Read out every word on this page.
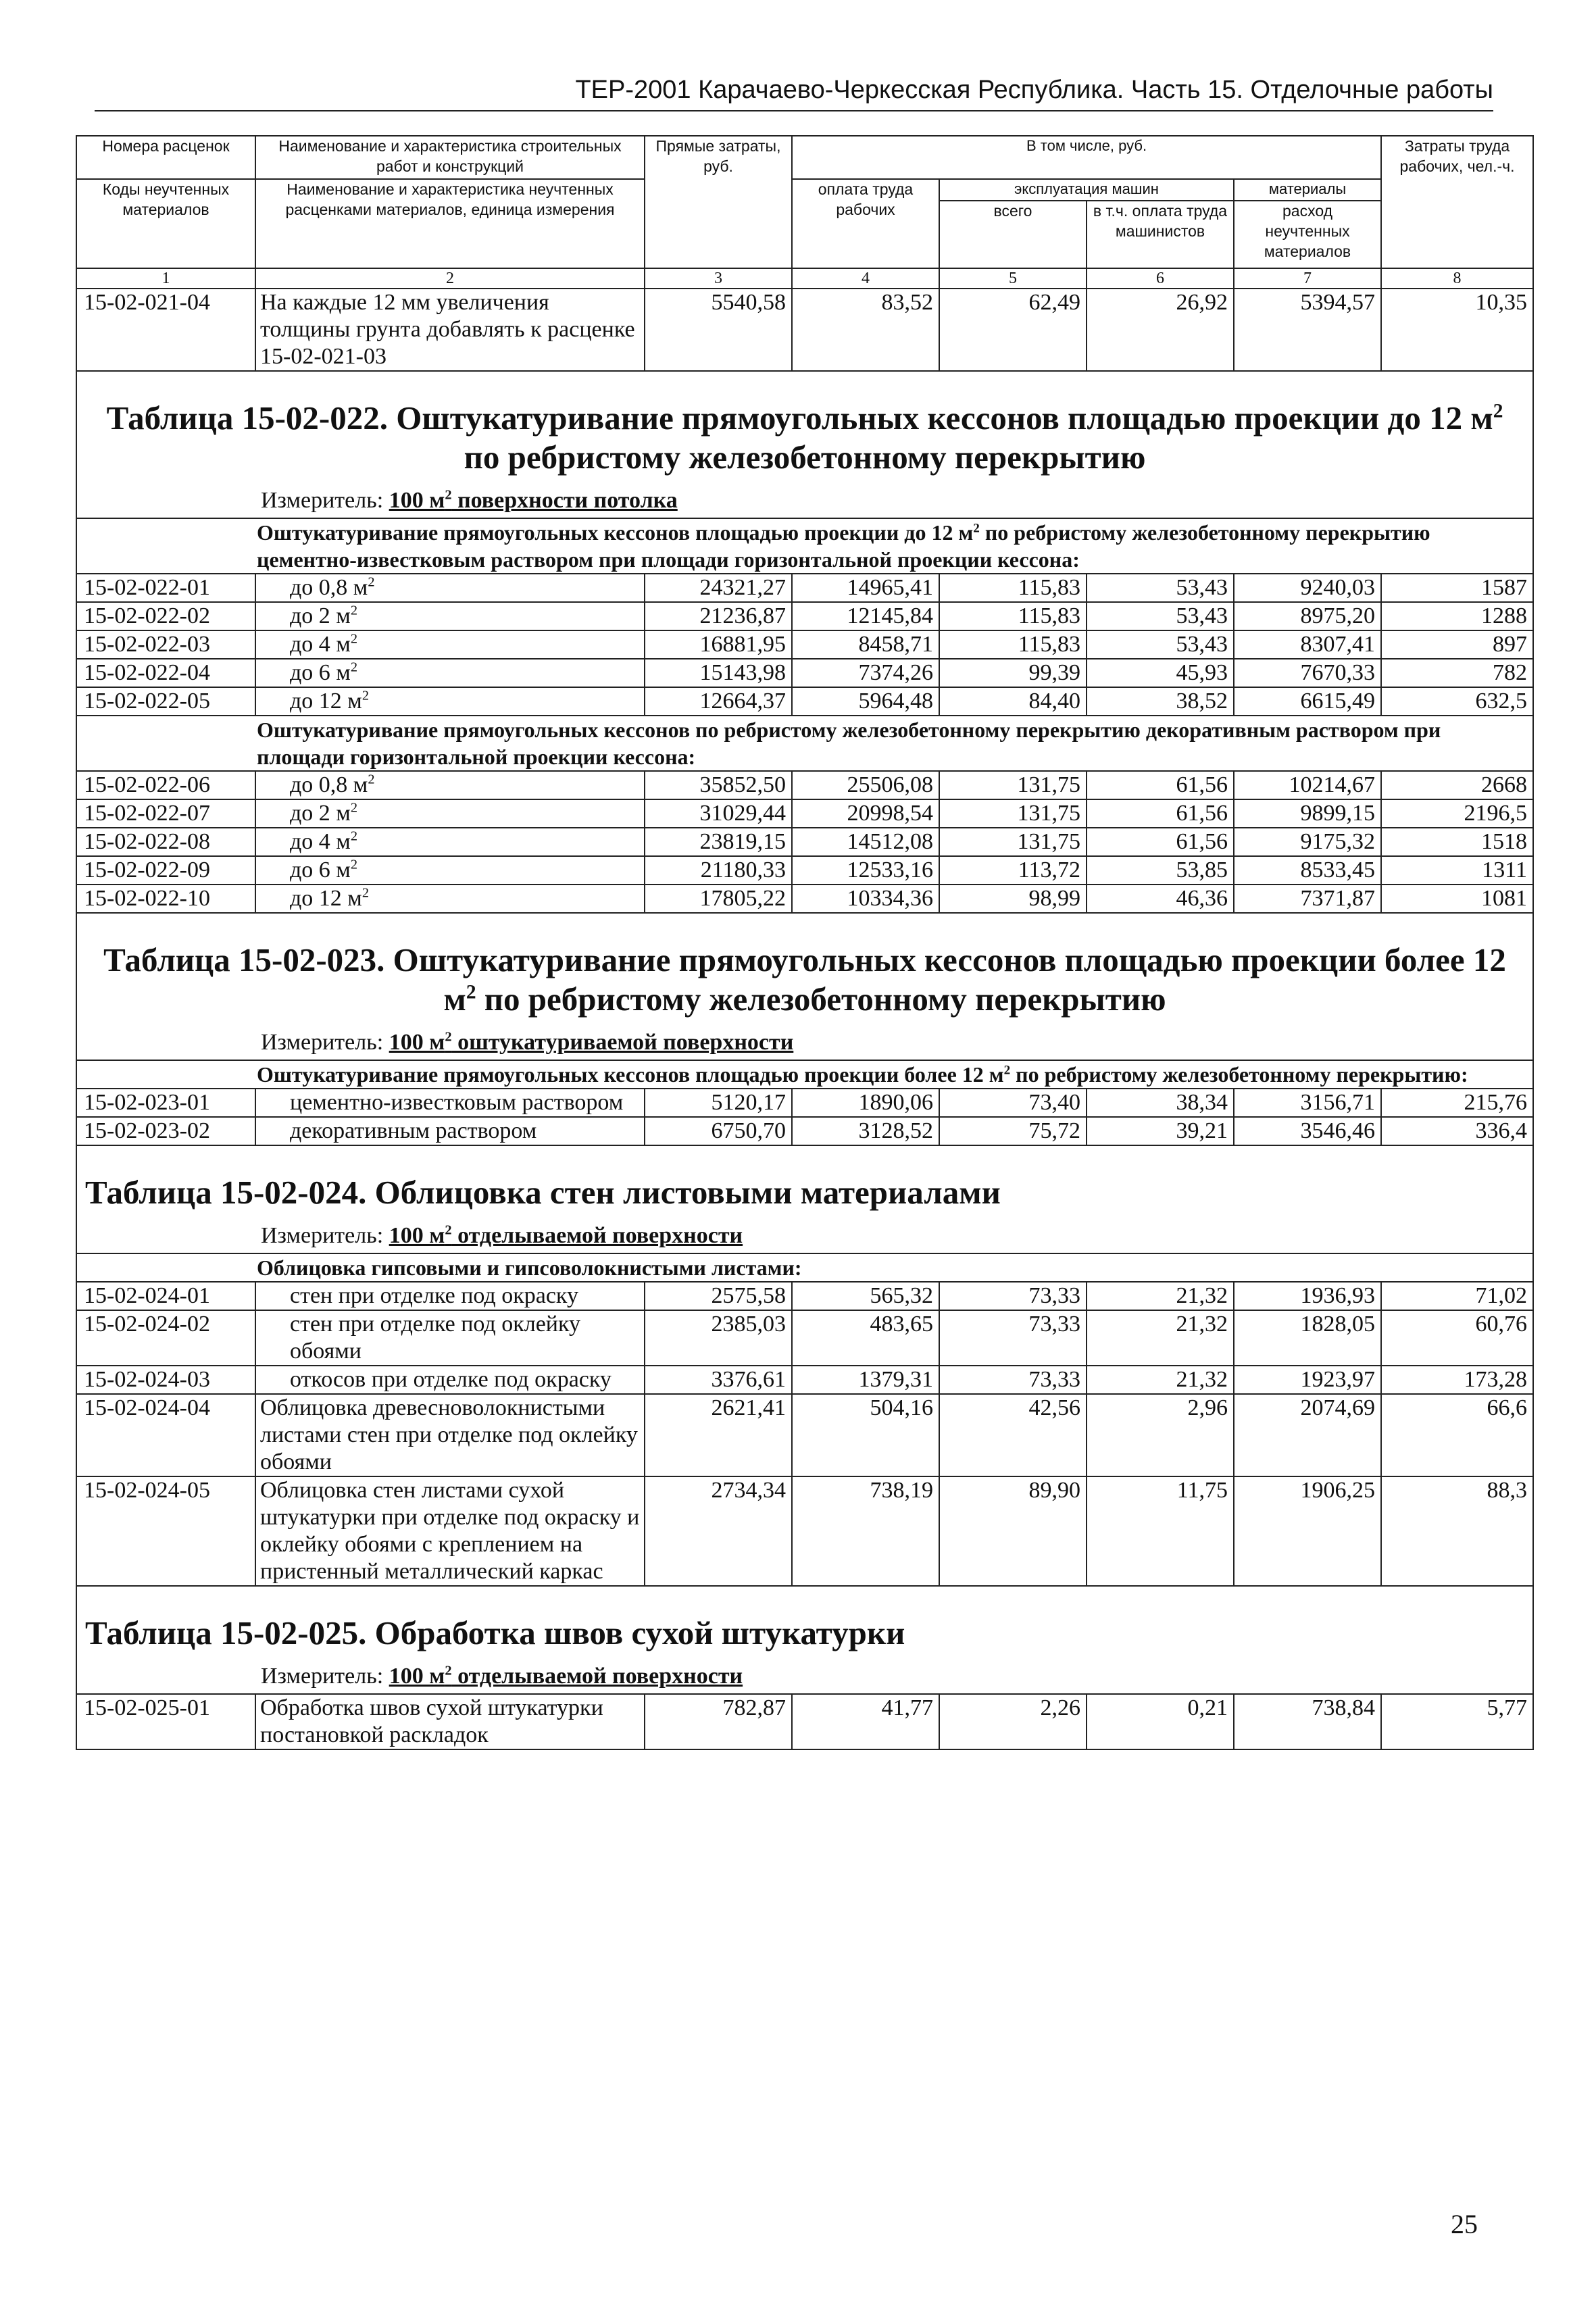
ТЕР-2001 Карачаево-Черкесская Республика. Часть 15. Отделочные работы
Номера расценок	Наименование и характеристика строительных работ и конструкций	Прямые затраты, руб.	В том числе, руб.				Затраты труда рабочих, чел.-ч.
Коды неучтенных материалов	Наименование и характеристика неучтенных расценками материалов, единица измерения		оплата труда рабочих	эксплуатация машин		материалы	
				всего	в т.ч. оплата труда машинистов	расход неучтенных материалов	
1	2	3	4	5	6	7	8
15-02-021-04	На каждые 12 мм увеличения толщины грунта добавлять к расценке 15-02-021-03	5540,58	83,52	62,49	26,92	5394,57	10,35

Таблица 15-02-022. Оштукатуривание прямоугольных кессонов площадью проекции до 12 $м^2$ по ребристому железобетонному перекрытию
Измеритель: 100 $м^2$ поверхности потолка							

Оштукатуривание прямоугольных кессонов площадью проекции до 12 $м^2$ по ребристому железобетонному перекрытию цементно-известковым раствором при площади горизонтальной проекции кессона:							
15-02-022-01	до 0,8 $м^2$	24321,27	14965,41	115,83	53,43	9240,03	1587
15-02-022-02	до 2 $м^2$	21236,87	12145,84	115,83	53,43	8975,20	1288
15-02-022-03	до 4 $м^2$	16881,95	8458,71	115,83	53,43	8307,41	897
15-02-022-04	до 6 $м^2$	15143,98	7374,26	99,39	45,93	7670,33	782
15-02-022-05	до 12 $м^2$	12664,37	5964,48	84,40	38,52	6615,49	632,5
Оштукатуривание прямоугольных кессонов по ребристому железобетонному перекрытию декоративным раствором при площади горизонтальной проекции кессона:							
15-02-022-06	до 0,8 $м^2$	35852,50	25506,08	131,75	61,56	10214,67	2668
15-02-022-07	до 2 $м^2$	31029,44	20998,54	131,75	61,56	9899,15	2196,5
15-02-022-08	до 4 $м^2$	23819,15	14512,08	131,75	61,56	9175,32	1518
15-02-022-09	до 6 $м^2$	21180,33	12533,16	113,72	53,85	8533,45	1311
15-02-022-10	до 12 $м^2$	17805,22	10334,36	98,99	46,36	7371,87	1081

Таблица 15-02-023. Оштукатуривание прямоугольных кессонов площадью проекции более 12 $м^2$ по ребристому железобетонному перекрытию
Измеритель: 100 $м^2$ оштукатуриваемой поверхности							

Оштукатуривание прямоугольных кессонов площадью проекции более 12 $м^2$ по ребристому железобетонному перекрытию:							
15-02-023-01	цементно-известковым раствором	5120,17	1890,06	73,40	38,34	3156,71	215,76
15-02-023-02	декоративным раствором	6750,70	3128,52	75,72	39,21	3546,46	336,4

Таблица 15-02-024. Облицовка стен листовыми материалами
Измеритель: 100 $м^2$ отделываемой поверхности							

Облицовка гипсовыми и гипсоволокнистыми листами:							
15-02-024-01	стен при отделке под окраску	2575,58	565,32	73,33	21,32	1936,93	71,02
15-02-024-02	стен при отделке под оклейку обоями	2385,03	483,65	73,33	21,32	1828,05	60,76
15-02-024-03	откосов при отделке под окраску	3376,61	1379,31	73,33	21,32	1923,97	173,28
15-02-024-04	Облицовка древесноволокнистыми листами стен при отделке под оклейку обоями	2621,41	504,16	42,56	2,96	2074,69	66,6
15-02-024-05	Облицовка стен листами сухой штукатурки при отделке под окраску и оклейку обоями с креплением на пристенный металлический каркас	2734,34	738,19	89,90	11,75	1906,25	88,3

Таблица 15-02-025. Обработка швов сухой штукатурки
Измеритель: 100 $м^2$ отделываемой поверхности							

15-02-025-01	Обработка швов сухой штукатурки постановкой раскладок	782,87	41,77	2,26	0,21	738,84	5,77
25
